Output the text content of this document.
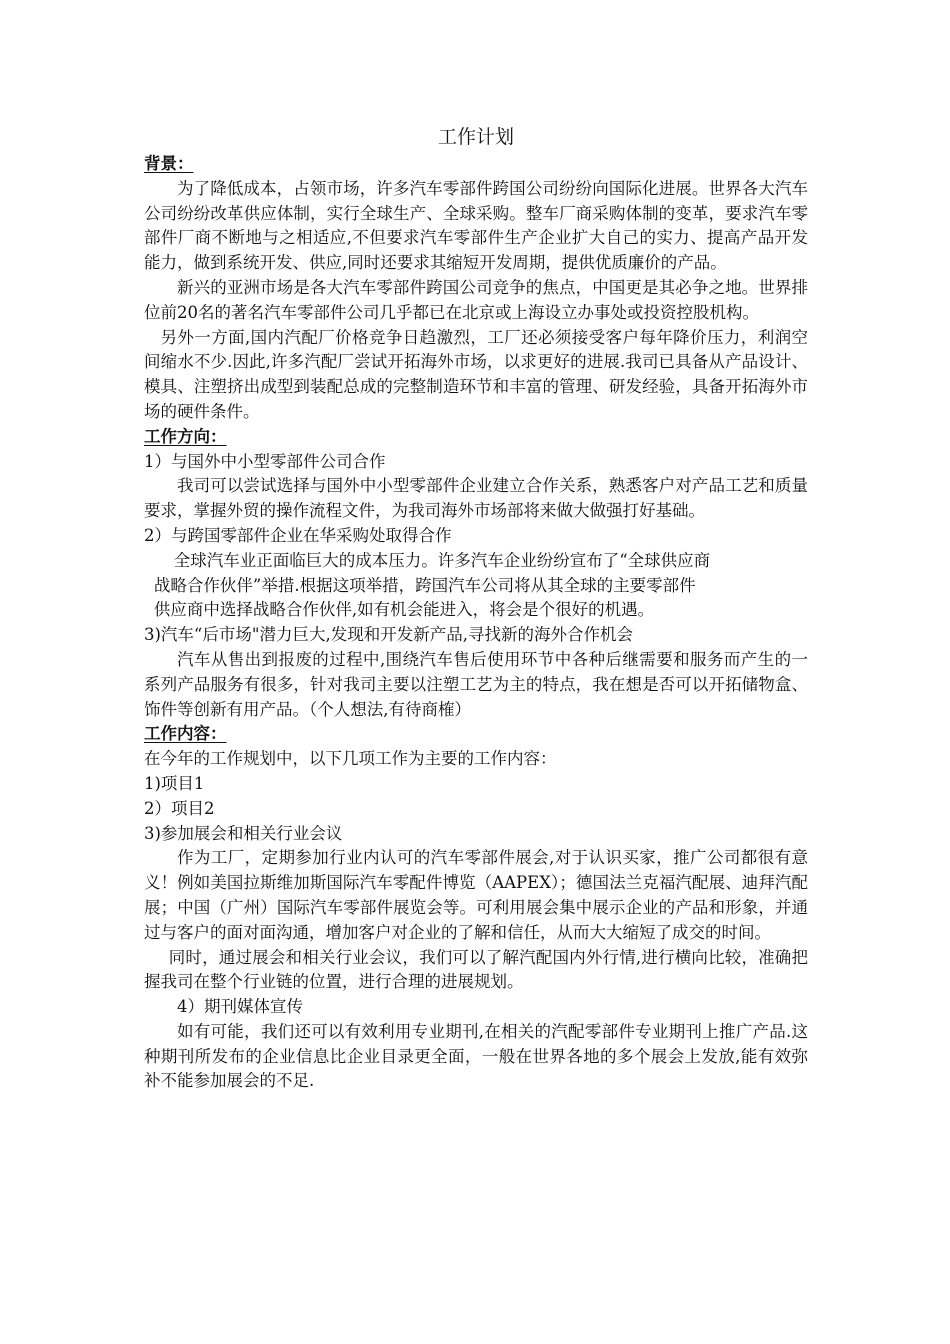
工作计划

背景：

为了降低成本，占领市场，许多汽车零部件跨国公司纷纷向国际化进展。世界各大汽车公司纷纷改革供应体制，实行全球生产、全球采购。整车厂商采购体制的变革，要求汽车零部件厂商不断地与之相适应,不但要求汽车零部件生产企业扩大自己的实力、提高产品开发能力，做到系统开发、供应,同时还要求其缩短开发周期，提供优质廉价的产品。

新兴的亚洲市场是各大汽车零部件跨国公司竞争的焦点，中国更是其必争之地。世界排位前20名的著名汽车零部件公司几乎都已在北京或上海设立办事处或投资控股机构。

另外一方面,国内汽配厂价格竞争日趋激烈，工厂还必须接受客户每年降价压力，利润空间缩水不少.因此,许多汽配厂尝试开拓海外市场，以求更好的进展.我司已具备从产品设计、模具、注塑挤出成型到装配总成的完整制造环节和丰富的管理、研发经验，具备开拓海外市场的硬件条件。

工作方向：

1）与国外中小型零部件公司合作

我司可以尝试选择与国外中小型零部件企业建立合作关系，熟悉客户对产品工艺和质量要求，掌握外贸的操作流程文件，为我司海外市场部将来做大做强打好基础。

2）与跨国零部件企业在华采购处取得合作

全球汽车业正面临巨大的成本压力。许多汽车企业纷纷宣布了“全球供应商

战略合作伙伴”举措.根据这项举措，跨国汽车公司将从其全球的主要零部件

供应商中选择战略合作伙伴,如有机会能进入，将会是个很好的机遇。

3)汽车“后市场"潜力巨大,发现和开发新产品,寻找新的海外合作机会

汽车从售出到报废的过程中,围绕汽车售后使用环节中各种后继需要和服务而产生的一系列产品服务有很多，针对我司主要以注塑工艺为主的特点，我在想是否可以开拓储物盒、饰件等创新有用产品。（个人想法,有待商榷）

工作内容：

在今年的工作规划中，以下几项工作为主要的工作内容：

1)项目1

2）项目2

3)参加展会和相关行业会议

作为工厂，定期参加行业内认可的汽车零部件展会,对于认识买家，推广公司都很有意义！例如美国拉斯维加斯国际汽车零配件博览（AAPEX）；德国法兰克福汽配展、迪拜汽配展；中国（广州）国际汽车零部件展览会等。可利用展会集中展示企业的产品和形象，并通过与客户的面对面沟通，增加客户对企业的了解和信任，从而大大缩短了成交的时间。

同时，通过展会和相关行业会议，我们可以了解汽配国内外行情,进行横向比较，准确把握我司在整个行业链的位置，进行合理的进展规划。

4）期刊媒体宣传

如有可能，我们还可以有效利用专业期刊,在相关的汽配零部件专业期刊上推广产品.这种期刊所发布的企业信息比企业目录更全面，一般在世界各地的多个展会上发放,能有效弥补不能参加展会的不足.
